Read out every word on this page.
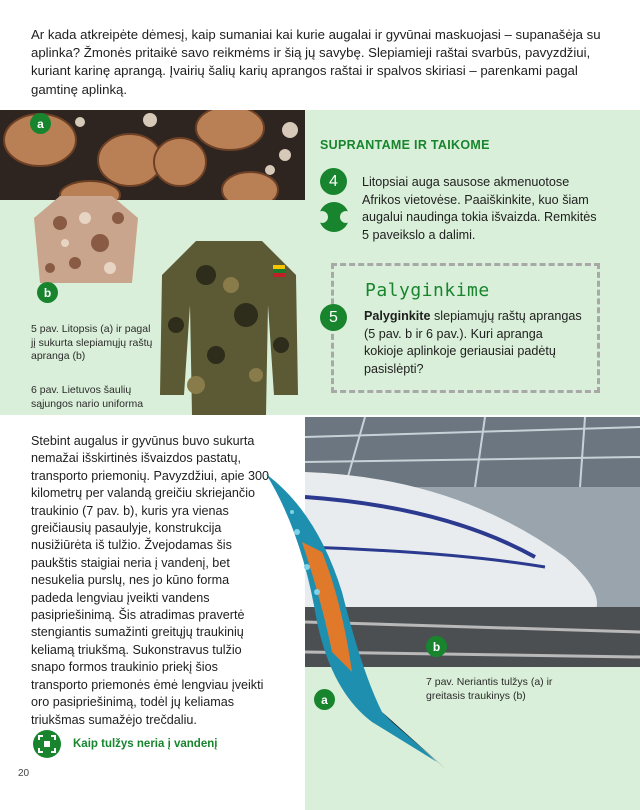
Ar kada atkreipėte dėmesį, kaip sumaniai kai kurie augalai ir gyvūnai maskuojasi – supanašėja su aplinka? Žmonės pritaikė savo reikmėms ir šią jų savybę. Slepiamieji raštai svarbūs, pavyzdžiui, kuriant karinę aprangą. Įvairių šalių karių aprangos raštai ir spalvos skiriasi – parenkami pagal gamtinę aplinką.

a
b

5 pav. Litopsis (a) ir pagal jį sukurta slepiamųjų raštų apranga (b)

6 pav. Lietuvos šaulių sąjungos nario uniforma

SUPRANTAME IR TAIKOME
4	Litopsiai auga sausose akmenuotose Afrikos vietovėse. Paaiškinkite, kuo šiam augalui naudinga tokia išvaizda. Remkitės 5 paveikslo a dalimi.

Palyginkime

5	Palyginkite slepiamųjų raštų aprangas (5 pav. b ir 6 pav.). Kuri apranga kokioje aplinkoje geriausiai padėtų pasislėpti?

b
a

7 pav. Neriantis tulžys (a) ir greitasis traukinys (b)

Stebint augalus ir gyvūnus buvo sukurta nemažai išskirtinės išvaizdos pastatų, transporto priemonių. Pavyzdžiui, apie 300 kilometrų per valandą greičiu skriejančio traukinio (7 pav. b), kuris yra vienas greičiausių pasaulyje, konstrukcija nusižiūrėta iš tulžio. Žvejodamas šis paukštis staigiai neria į vandenį, bet nesukelia purslų, nes jo kūno forma padeda lengviau įveikti vandens pasipriešinimą. Šis atradimas pravertė stengiantis sumažinti greitųjų traukinių keliamą triukšmą. Sukonstravus tulžio snapo formos traukinio priekį šios transporto priemonės ėmė lengviau įveikti oro pasipriešinimą, todėl jų keliamas triukšmas sumažėjo trečdaliu.

Kaip tulžys neria į vandenį
20
